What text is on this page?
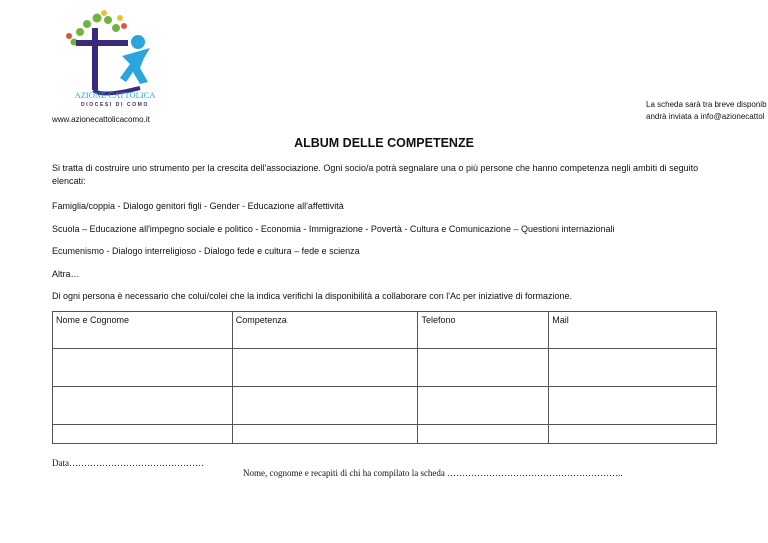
AZIONE CATTOLICA
DIOCESI DI COMO
www.azionecattolicacomo.it
La scheda sarà tra breve disponib
andrà inviata a info@azionecattol
ALBUM DELLE COMPETENZE
Si tratta di costruire uno strumento per la crescita dell'associazione. Ogni socio/a potrà segnalare una o più persone che hanno competenza negli ambiti di seguito elencati:
Famiglia/coppia - Dialogo genitori figli - Gender - Educazione all'affettività
Scuola – Educazione all'impegno sociale e politico - Economia - Immigrazione - Povertà - Cultura e Comunicazione – Questioni internazionali
Ecumenismo - Dialogo interreligioso - Dialogo fede e cultura – fede e scienza
Altra…
Di ogni persona è necessario che colui/colei che la indica verifichi la disponibilità a collaborare con l'Ac per iniziative di formazione.
Nome e Cognome	Competenza	Telefono	Mail

Data………………………………………
Nome, cognome e recapiti di chi ha compilato la scheda …………………………………………………..
